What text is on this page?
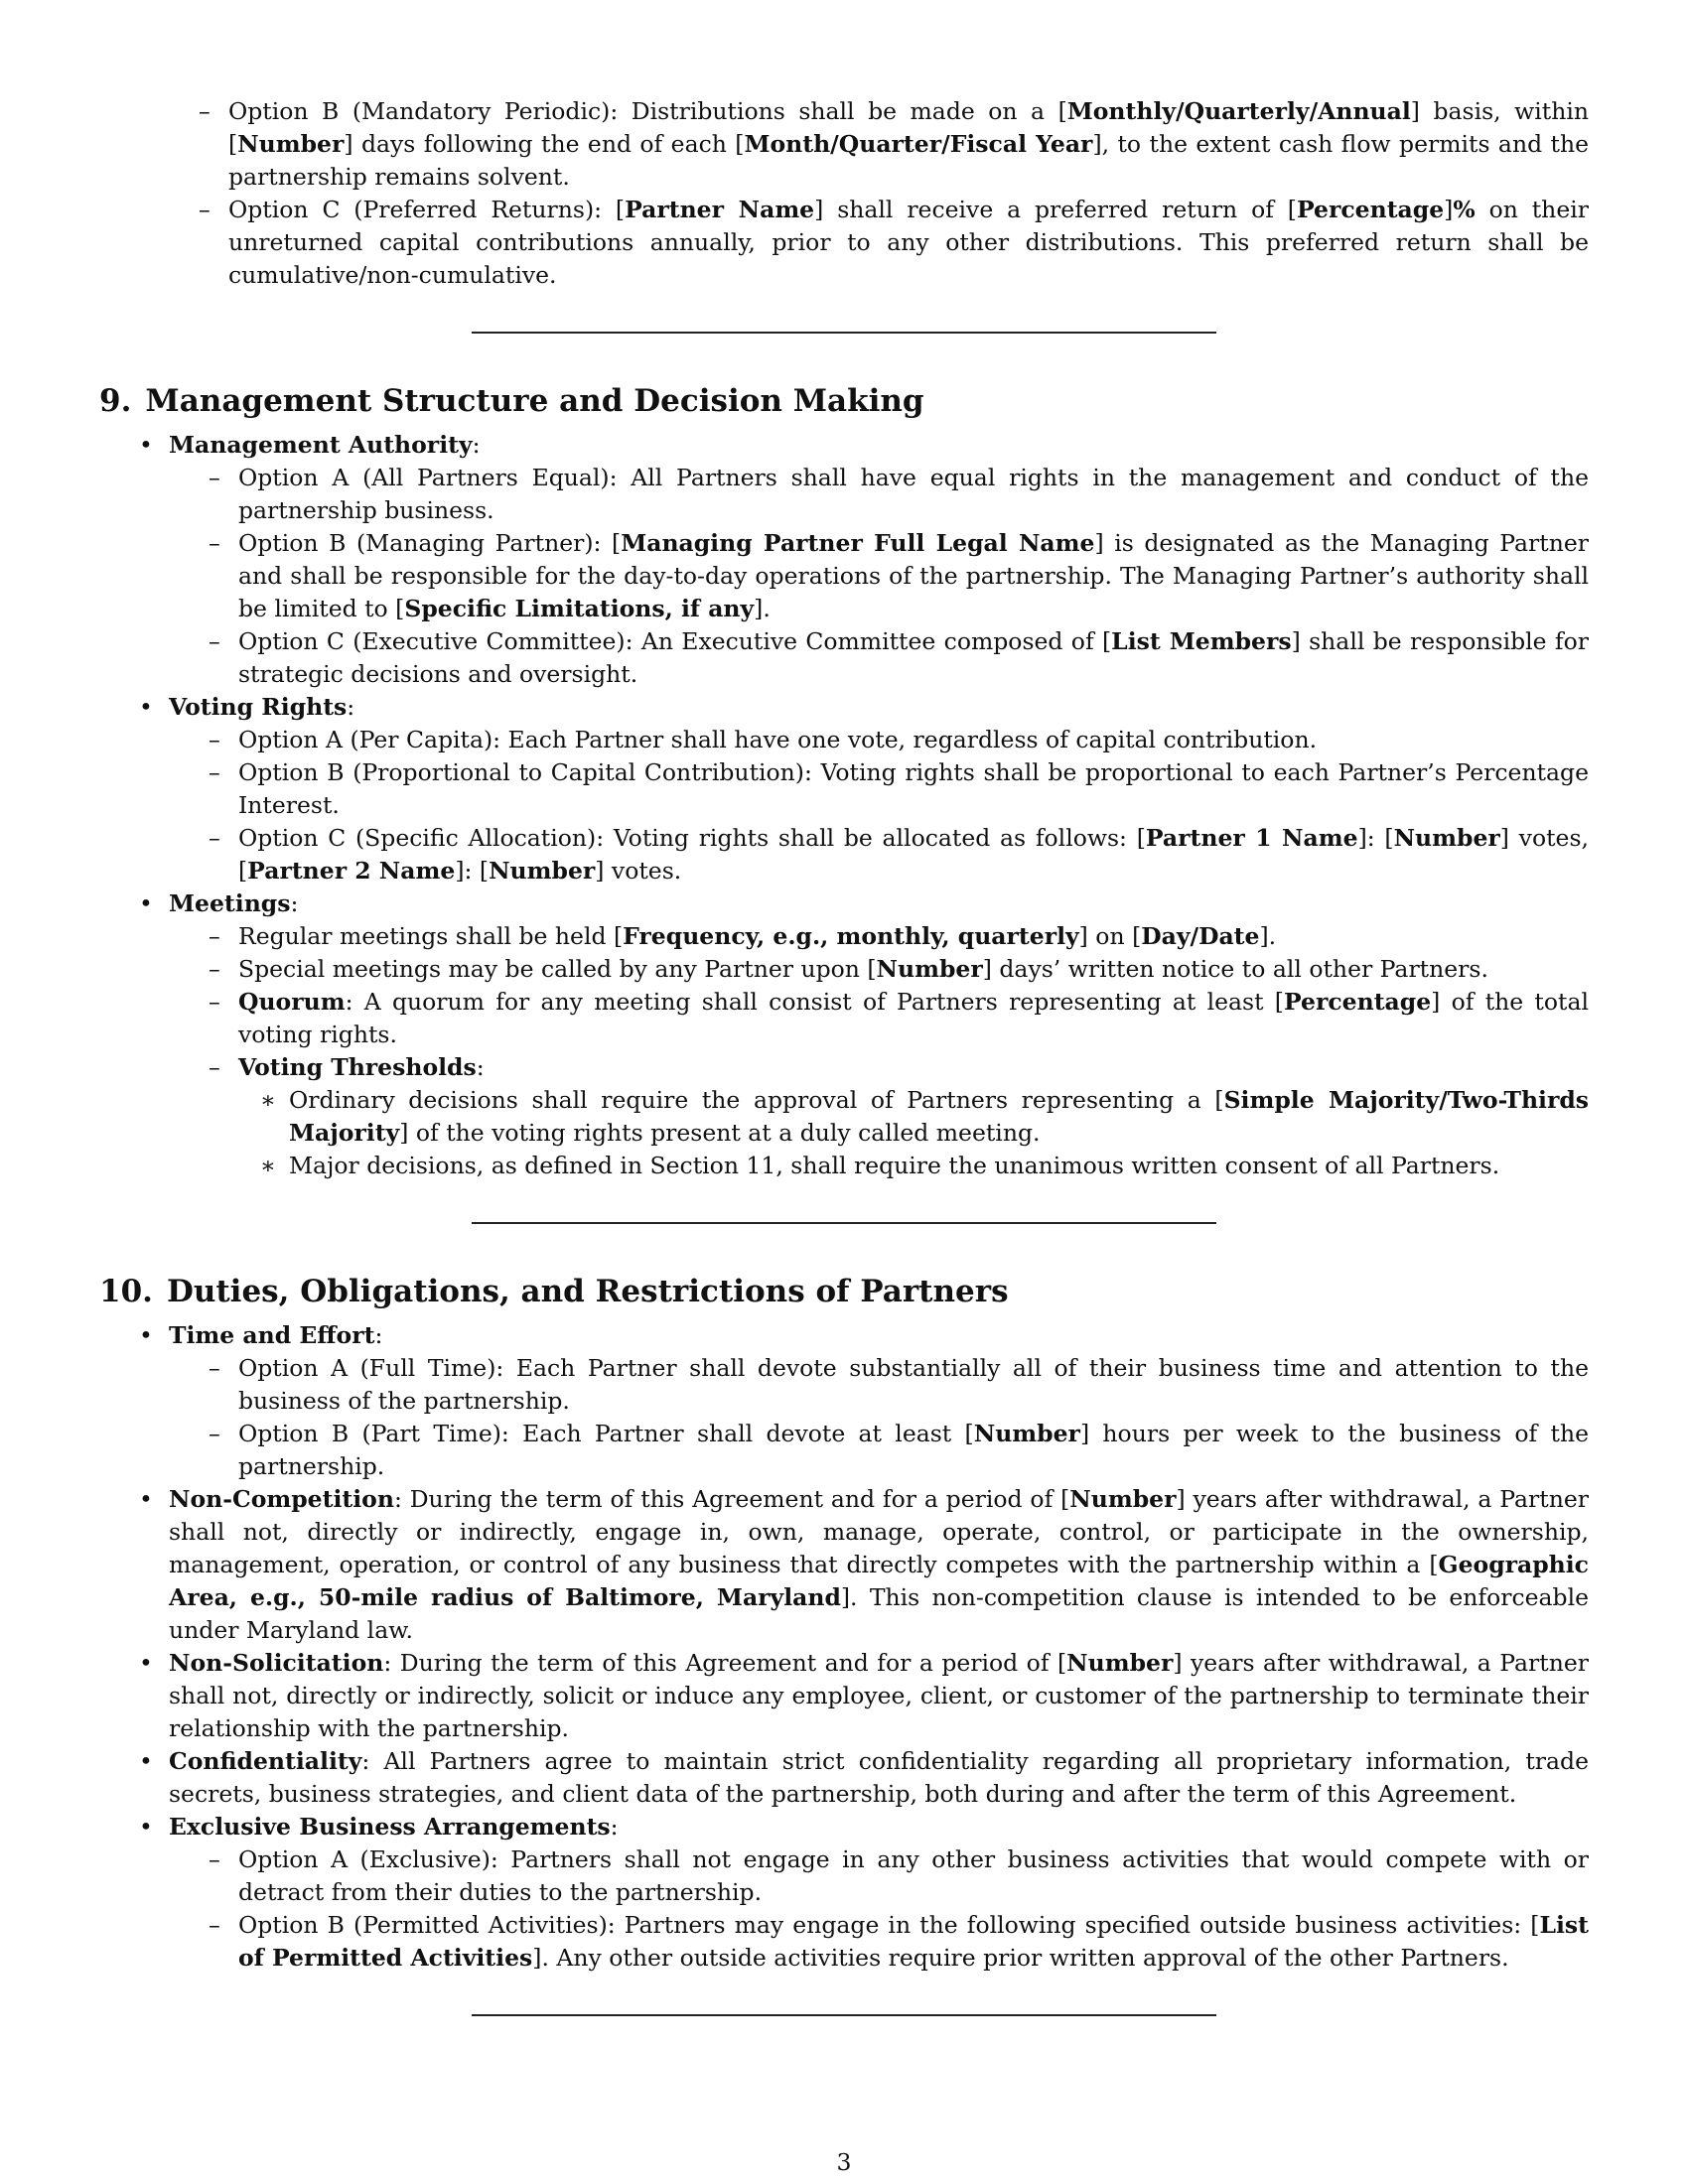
– Option B (Mandatory Periodic): Distributions shall be made on a [Monthly/Quarterly/Annual] basis, within [Number] days following the end of each [Month/Quarter/Fiscal Year], to the extent cash flow permits and the partnership remains solvent.

– Option C (Preferred Returns): [Partner Name] shall receive a preferred return of [Percentage]% on their unreturned capital contributions annually, prior to any other distributions. This preferred return shall be cumulative/non-cumulative.

9. Management Structure and Decision Making

• Management Authority:

– Option A (All Partners Equal): All Partners shall have equal rights in the management and conduct of the partnership business.

– Option B (Managing Partner): [Managing Partner Full Legal Name] is designated as the Managing Partner and shall be responsible for the day-to-day operations of the partnership. The Managing Partner’s authority shall be limited to [Specific Limitations, if any].

– Option C (Executive Committee): An Executive Committee composed of [List Members] shall be responsible for strategic decisions and oversight.

• Voting Rights:

– Option A (Per Capita): Each Partner shall have one vote, regardless of capital contribution.

– Option B (Proportional to Capital Contribution): Voting rights shall be proportional to each Partner’s Percentage Interest.

– Option C (Specific Allocation): Voting rights shall be allocated as follows: [Partner 1 Name]: [Number] votes, [Partner 2 Name]: [Number] votes.

• Meetings:

– Regular meetings shall be held [Frequency, e.g., monthly, quarterly] on [Day/Date].

– Special meetings may be called by any Partner upon [Number] days’ written notice to all other Partners.

– Quorum: A quorum for any meeting shall consist of Partners representing at least [Percentage] of the total voting rights.

– Voting Thresholds:

∗ Ordinary decisions shall require the approval of Partners representing a [Simple Majority/Two-Thirds Majority] of the voting rights present at a duly called meeting.

∗ Major decisions, as defined in Section 11, shall require the unanimous written consent of all Partners.

10. Duties, Obligations, and Restrictions of Partners

• Time and Effort:

– Option A (Full Time): Each Partner shall devote substantially all of their business time and attention to the business of the partnership.

– Option B (Part Time): Each Partner shall devote at least [Number] hours per week to the business of the partnership.

• Non-Competition: During the term of this Agreement and for a period of [Number] years after withdrawal, a Partner shall not, directly or indirectly, engage in, own, manage, operate, control, or participate in the ownership, management, operation, or control of any business that directly competes with the partnership within a [Geographic Area, e.g., 50-mile radius of Baltimore, Maryland]. This non-competition clause is intended to be enforceable under Maryland law.

• Non-Solicitation: During the term of this Agreement and for a period of [Number] years after withdrawal, a Partner shall not, directly or indirectly, solicit or induce any employee, client, or customer of the partnership to terminate their relationship with the partnership.

• Confidentiality: All Partners agree to maintain strict confidentiality regarding all proprietary information, trade secrets, business strategies, and client data of the partnership, both during and after the term of this Agreement.

• Exclusive Business Arrangements:

– Option A (Exclusive): Partners shall not engage in any other business activities that would compete with or detract from their duties to the partnership.

– Option B (Permitted Activities): Partners may engage in the following specified outside business activities: [List of Permitted Activities]. Any other outside activities require prior written approval of the other Partners.

3
